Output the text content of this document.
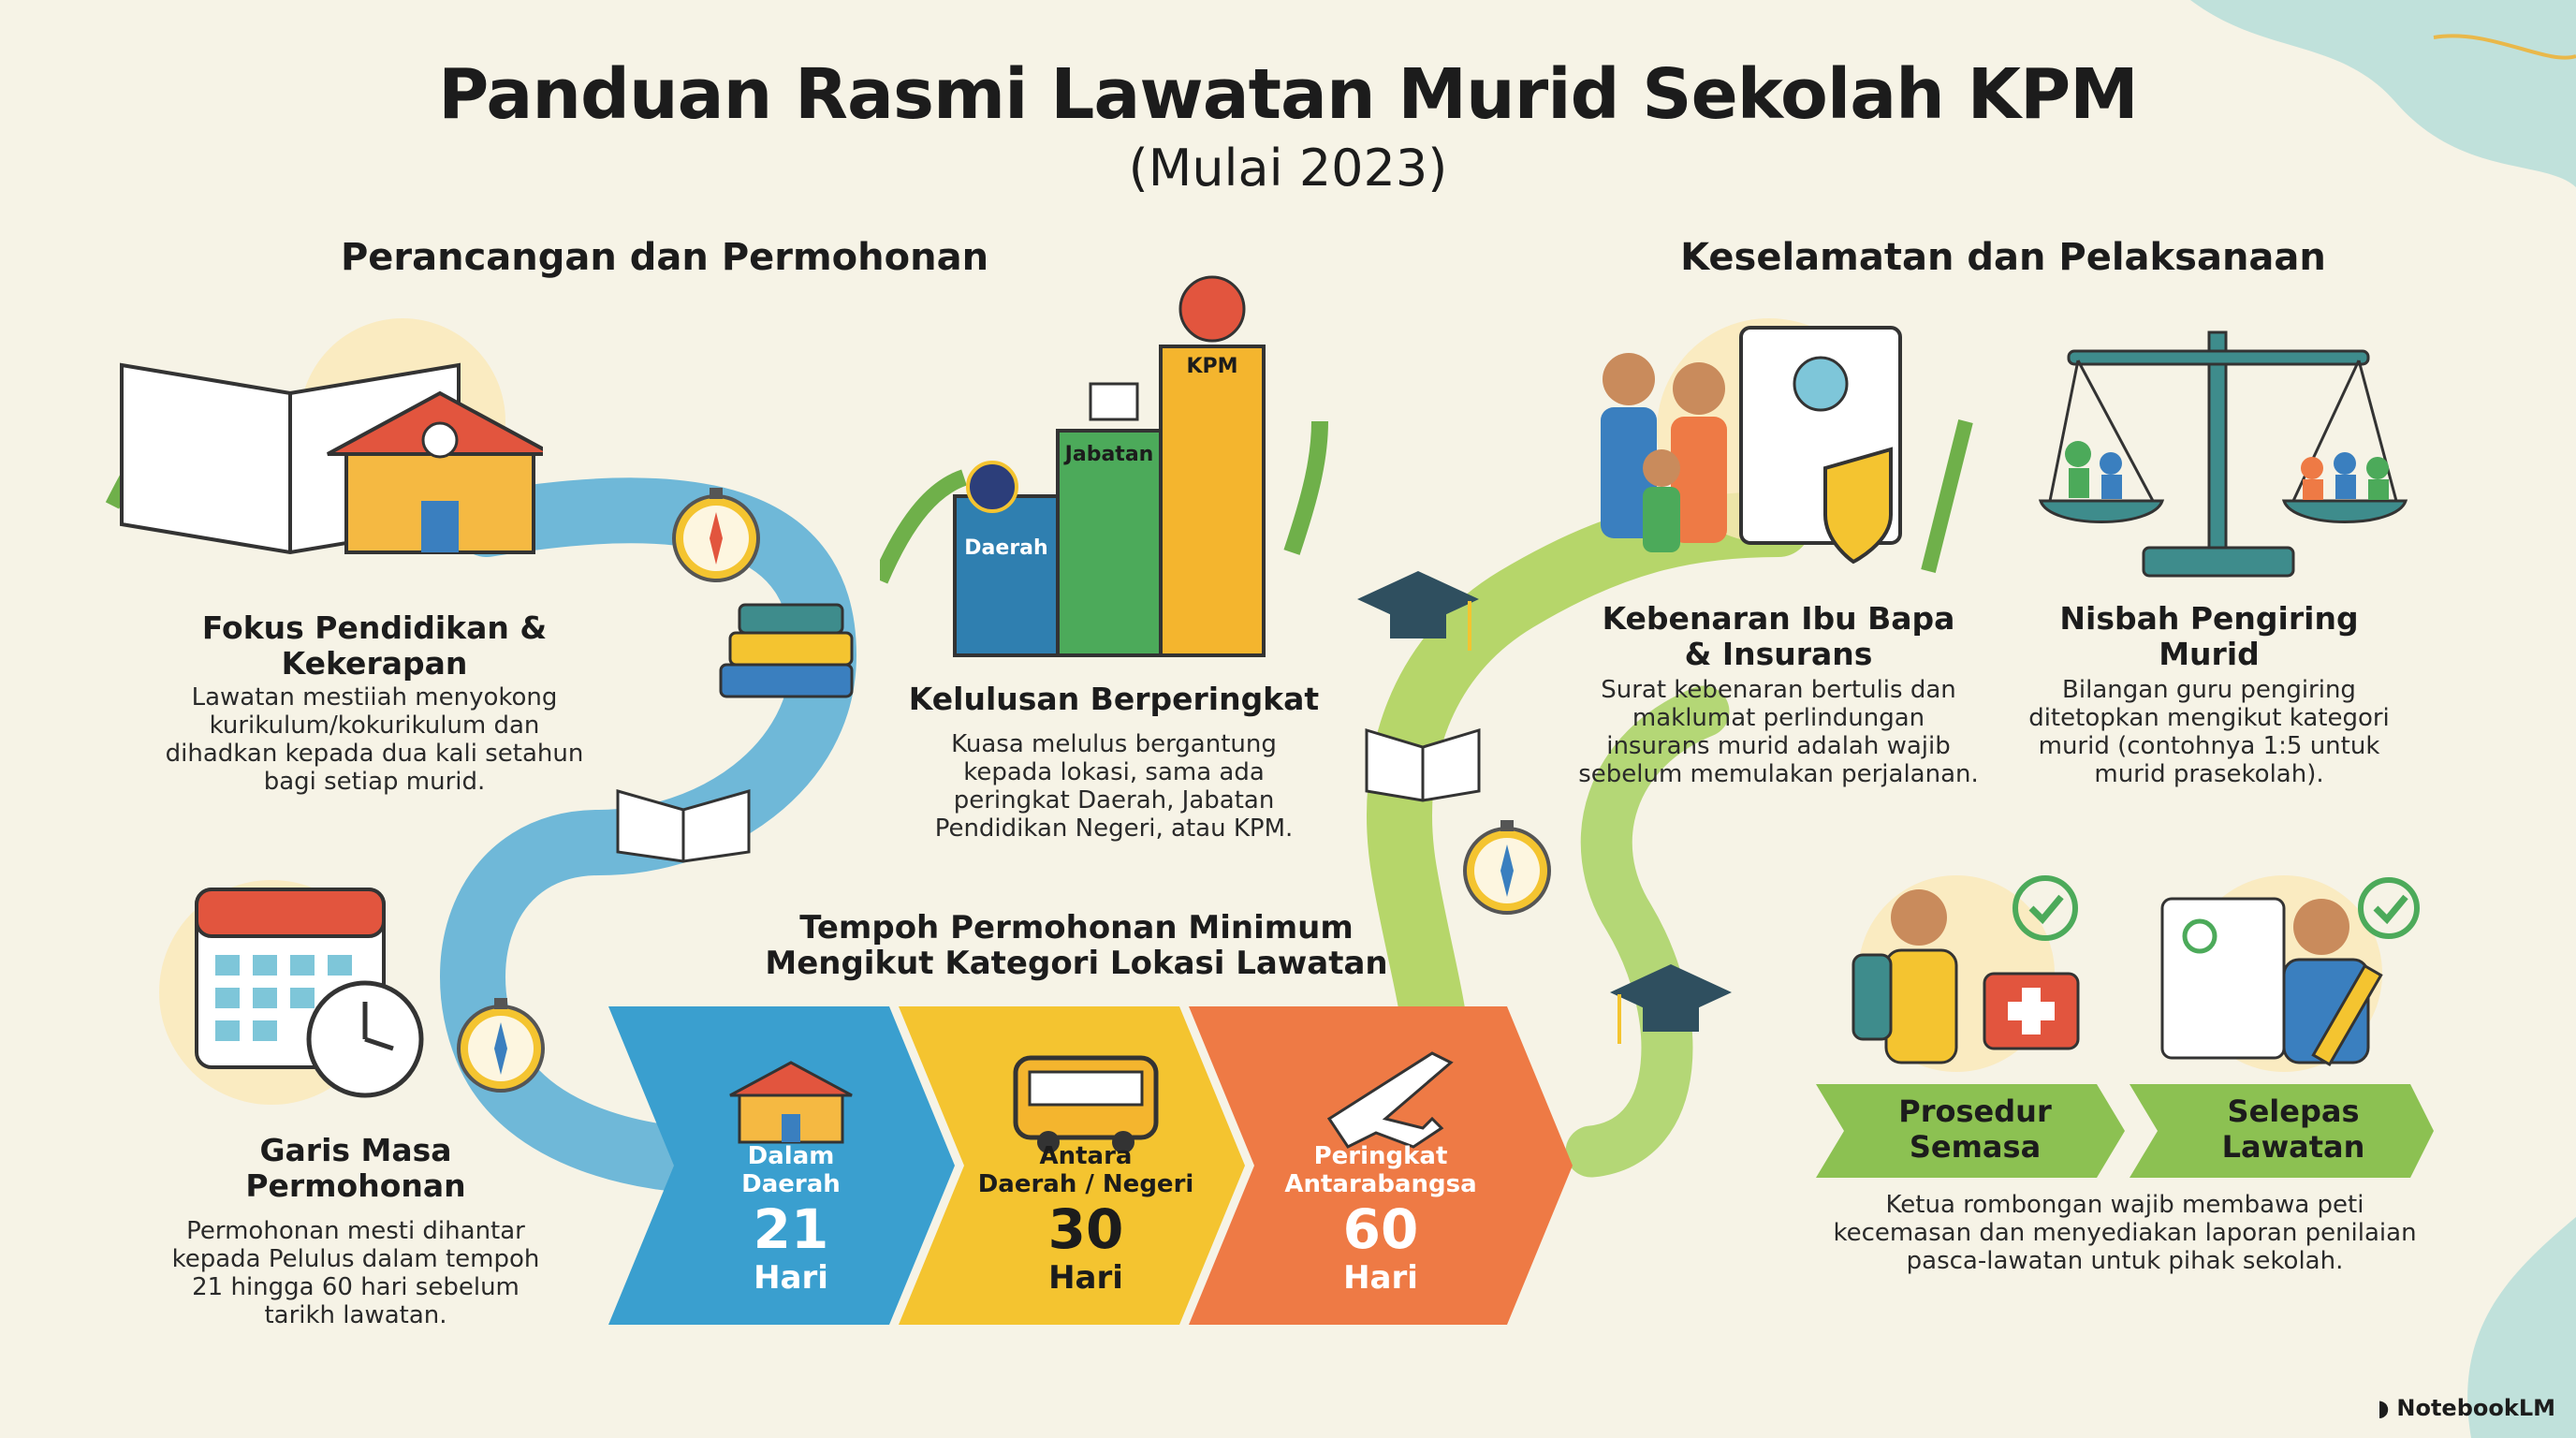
Panduan Rasmi Lawatan Murid Sekolah KPM
(Mulai 2023)
Perancangan dan Permohonan	Keselamatan dan Pelaksanaan
Fokus Pendidikan &
Kekerapan
Lawatan mestiiah menyokong
kurikulum/kokurikulum dan
dihadkan kepada dua kali setahun
bagi setiap murid.
Daerah
Jabatan
KPM
Kelulusan Berperingkat
Kuasa melulus bergantung
kepada lokasi, sama ada
peringkat Daerah, Jabatan
Pendidikan Negeri, atau KPM.
Garis Masa
Permohonan
Permohonan mesti dihantar
kepada Pelulus dalam tempoh
21 hingga 60 hari sebelum
tarikh lawatan.
Tempoh Permohonan Minimum
Mengikut Kategori Lokasi Lawatan
Dalam
Daerah
21
Hari
Antara
Daerah / Negeri
30
Hari
Peringkat
Antarabangsa
60
Hari
Kebenaran Ibu Bapa
& Insurans
Surat kebenaran bertulis dan
maklumat perlindungan
insurans murid adalah wajib
sebelum memulakan perjalanan.
Nisbah Pengiring
Murid
Bilangan guru pengiring
ditetopkan mengikut kategori
murid (contohnya 1:5 untuk
murid prasekolah).
Prosedur
Semasa
Selepas
Lawatan
Ketua rombongan wajib membawa peti
kecemasan dan menyediakan laporan penilaian
pasca-lawatan untuk pihak sekolah.
◗ NotebookLM
